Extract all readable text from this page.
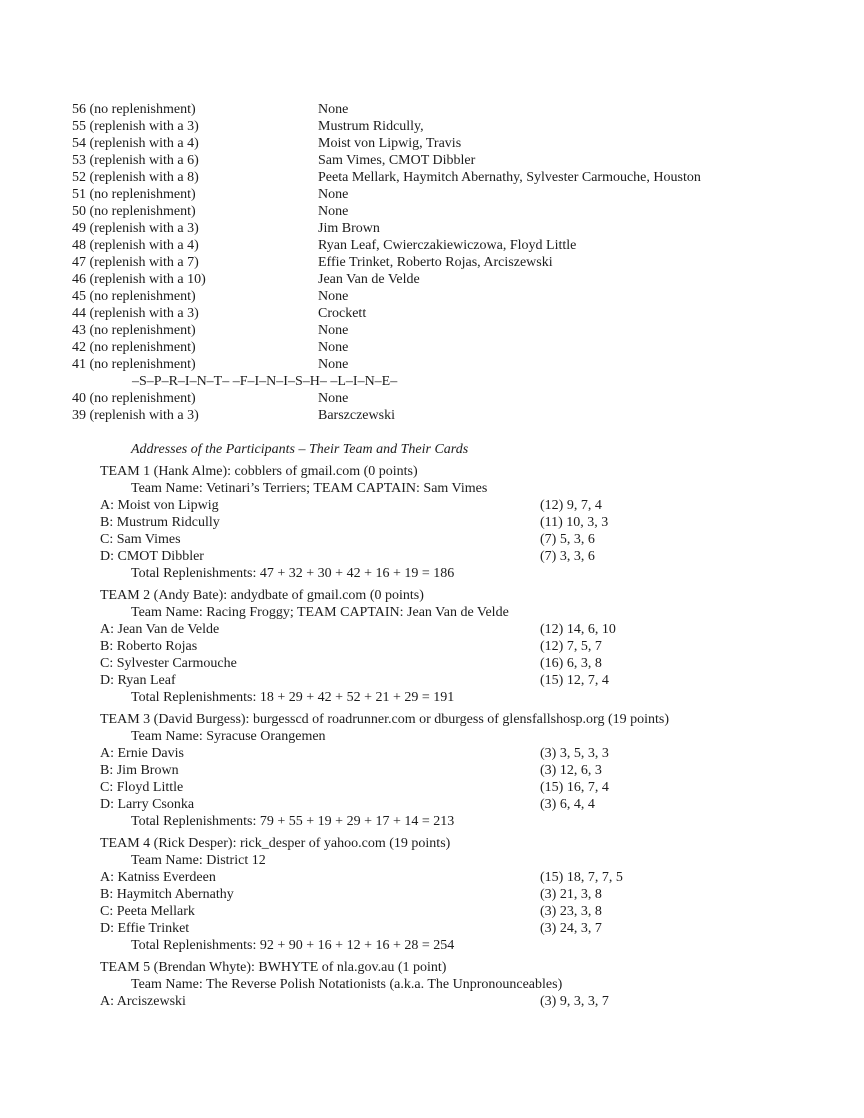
56 (no replenishment)	None
55 (replenish with a 3)	Mustrum Ridcully,
54 (replenish with a 4)	Moist von Lipwig, Travis
53 (replenish with a 6)	Sam Vimes, CMOT Dibbler
52 (replenish with a 8)	Peeta Mellark, Haymitch Abernathy, Sylvester Carmouche, Houston
51 (no replenishment)	None
50 (no replenishment)	None
49 (replenish with a 3)	Jim Brown
48 (replenish with a 4)	Ryan Leaf, Cwierczakiewiczowa, Floyd Little
47 (replenish with a 7)	Effie Trinket, Roberto Rojas, Arciszewski
46 (replenish with a 10)	Jean Van de Velde
45 (no replenishment)	None
44 (replenish with a 3)	Crockett
43 (no replenishment)	None
42 (no replenishment)	None
41 (no replenishment)	None
–S–P–R–I–N–T– –F–I–N–I–S–H– –L–I–N–E–
40 (no replenishment)	None
39 (replenish with a 3)	Barszczewski
Addresses of the Participants – Their Team and Their Cards
TEAM 1 (Hank Alme): cobblers of gmail.com (0 points)
Team Name: Vetinari’s Terriers; TEAM CAPTAIN: Sam Vimes
A: Moist von Lipwig	(12) 9, 7, 4
B: Mustrum Ridcully	(11) 10, 3, 3
C: Sam Vimes	(7) 5, 3, 6
D: CMOT Dibbler	(7) 3, 3, 6
Total Replenishments: 47 + 32 + 30 + 42 + 16 + 19 = 186
TEAM 2 (Andy Bate): andydbate of gmail.com (0 points)
Team Name: Racing Froggy; TEAM CAPTAIN: Jean Van de Velde
A: Jean Van de Velde	(12) 14, 6, 10
B: Roberto Rojas	(12) 7, 5, 7
C: Sylvester Carmouche	(16) 6, 3, 8
D: Ryan Leaf	(15) 12, 7, 4
Total Replenishments: 18 + 29 + 42 + 52 + 21 + 29 = 191
TEAM 3 (David Burgess): burgesscd of roadrunner.com or dburgess of glensfallshosp.org (19 points)
Team Name: Syracuse Orangemen
A: Ernie Davis	(3) 3, 5, 3, 3
B: Jim Brown	(3) 12, 6, 3
C: Floyd Little	(15) 16, 7, 4
D: Larry Csonka	(3) 6, 4, 4
Total Replenishments: 79 + 55 + 19 + 29 + 17 + 14 = 213
TEAM 4 (Rick Desper): rick_desper of yahoo.com (19 points)
Team Name: District 12
A: Katniss Everdeen	(15) 18, 7, 7, 5
B: Haymitch Abernathy	(3) 21, 3, 8
C: Peeta Mellark	(3) 23, 3, 8
D: Effie Trinket	(3) 24, 3, 7
Total Replenishments: 92 + 90 + 16 + 12 + 16 + 28 = 254
TEAM 5 (Brendan Whyte): BWHYTE of nla.gov.au (1 point)
Team Name: The Reverse Polish Notationists (a.k.a. The Unpronounceables)
A: Arciszewski	(3) 9, 3, 3, 7
